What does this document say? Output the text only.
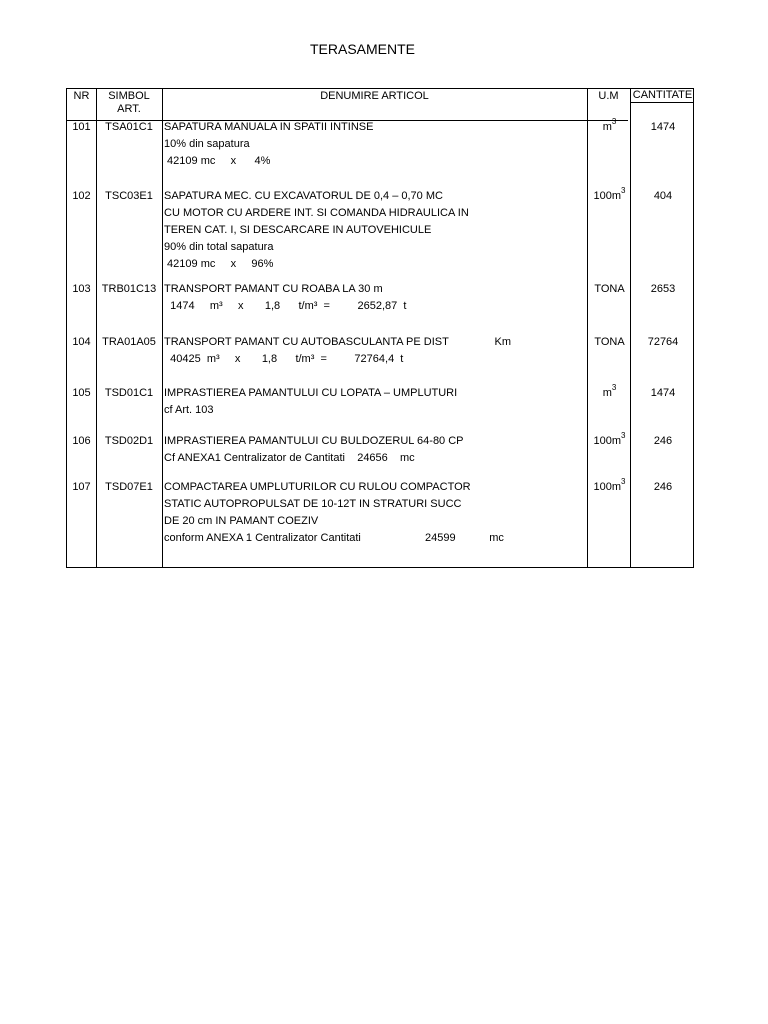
TERASAMENTE
NR	SIMBOL
ART.
DENUMIRE ARTICOL	U.M	CANTITATE
101	TSA01C1	SAPATURA MANUALA IN SPATII INTINSE
10% din sapatura
42109 mc     x      4%
$m^3$	1474
102	TSC03E1	SAPATURA MEC. CU EXCAVATORUL DE 0,4 – 0,70 MC
CU MOTOR CU ARDERE INT. SI COMANDA HIDRAULICA IN
TEREN CAT. I, SI DESCARCARE IN AUTOVEHICULE
90% din total sapatura
42109 mc     x     96%
$100m^3$	404
103	TRB01C13 TRANSPORT PAMANT CU ROABA LA 30 m
1474     m³     x       1,8      t/m³  =         2652,87  t
TONA	2653
104	TRA01A05 TRANSPORT PAMANT CU AUTOBASCULANTA PE DIST               Km
40425  m³     x       1,8      t/m³  =         72764,4  t
TONA	72764
105	TSD01C1 IMPRASTIEREA PAMANTULUI CU LOPATA – UMPLUTURI
cf Art. 103
$m^3$	1474
106	TSD02D1 IMPRASTIEREA PAMANTULUI CU BULDOZERUL 64-80 CP
Cf ANEXA1 Centralizator de Cantitati    24656    mc
$100m^3$	246
107	TSD07E1	COMPACTAREA UMPLUTURILOR CU RULOU COMPACTOR
STATIC AUTOPROPULSAT DE 10-12T IN STRATURI SUCC
DE 20 cm IN PAMANT COEZIV
conform ANEXA 1 Centralizator Cantitati                     24599           mc
$100m^3$	246
